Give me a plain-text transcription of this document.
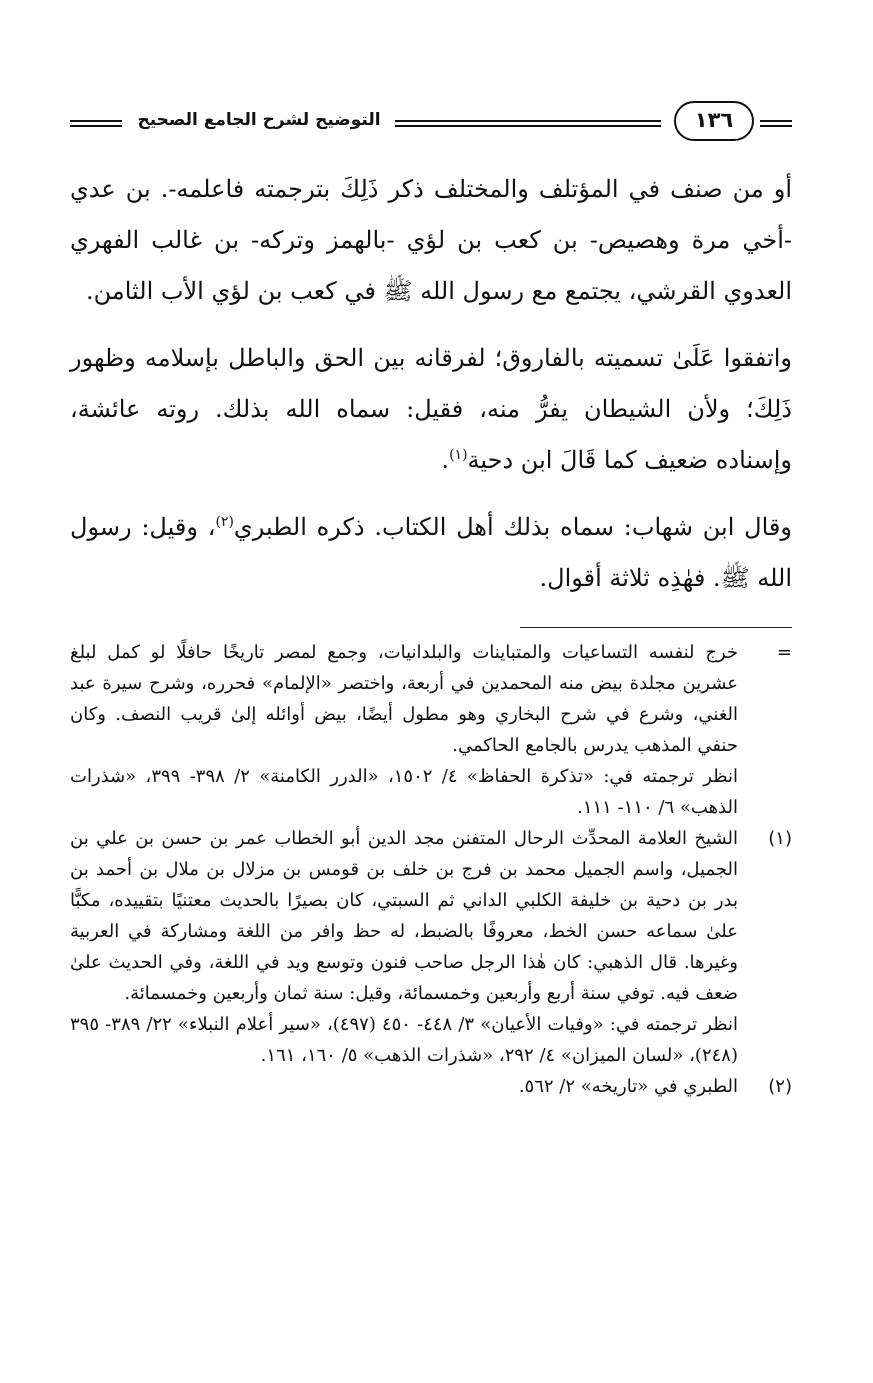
التوضيح لشرح الجامع الصحيح	١٣٦

أو من صنف في المؤتلف والمختلف ذكر ذَلِكَ بترجمته فاعلمه-. بن عدي -أخي مرة وهصيص- بن كعب بن لؤي -بالهمز وتركه- بن غالب الفهري العدوي القرشي، يجتمع مع رسول الله ﷺ في كعب بن لؤي الأب الثامن.

واتفقوا عَلَىٰ تسميته بالفاروق؛ لفرقانه بين الحق والباطل بإسلامه وظهور ذَلِكَ؛ ولأن الشيطان يفرُّ منه، فقيل: سماه الله بذلك. روته عائشة، وإسناده ضعيف كما قَالَ ابن دحية$^{(١)}$.

وقال ابن شهاب: سماه بذلك أهل الكتاب. ذكره الطبري$^{(٢)}$، وقيل: رسول الله ﷺ. فهٰذِه ثلاثة أقوال.

=

خرج لنفسه التساعيات والمتباينات والبلدانيات، وجمع لمصر تاريخًا حافلًا لو كمل لبلغ عشرين مجلدة بيض منه المحمدين في أربعة، واختصر «الإلمام» فحرره، وشرح سيرة عبد الغني، وشرع في شرح البخاري وهو مطول أيضًا، بيض أوائله إلىٰ قريب النصف. وكان حنفي المذهب يدرس بالجامع الحاكمي.

انظر ترجمته في: «تذكرة الحفاظ» ٤/ ١٥٠٢، «الدرر الكامنة» ٢/ ٣٩٨- ٣٩٩، «شذرات الذهب» ٦/ ١١٠- ١١١.

(١)

الشيخ العلامة المحدِّث الرحال المتفنن مجد الدين أبو الخطاب عمر بن حسن بن علي بن الجميل، واسم الجميل محمد بن فرج بن خلف بن قومس بن مزلال بن ملال بن أحمد بن بدر بن دحية بن خليفة الكلبي الداني ثم السبتي، كان بصيرًا بالحديث معتنيًا بتقييده، مكبًّا علىٰ سماعه حسن الخط، معروفًا بالضبط، له حظ وافر من اللغة ومشاركة في العربية وغيرها. قال الذهبي: كان هٰذا الرجل صاحب فنون وتوسع ويد في اللغة، وفي الحديث علىٰ ضعف فيه. توفي سنة أربع وأربعين وخمسمائة، وقيل: سنة ثمان وأربعين وخمسمائة.

انظر ترجمته في: «وفيات الأعيان» ٣/ ٤٤٨- ٤٥٠ (٤٩٧)، «سير أعلام النبلاء» ٢٢/ ٣٨٩- ٣٩٥ (٢٤٨)، «لسان الميزان» ٤/ ٢٩٢، «شذرات الذهب» ٥/ ١٦٠، ١٦١.

(٢)

الطبري في «تاريخه» ٢/ ٥٦٢.
